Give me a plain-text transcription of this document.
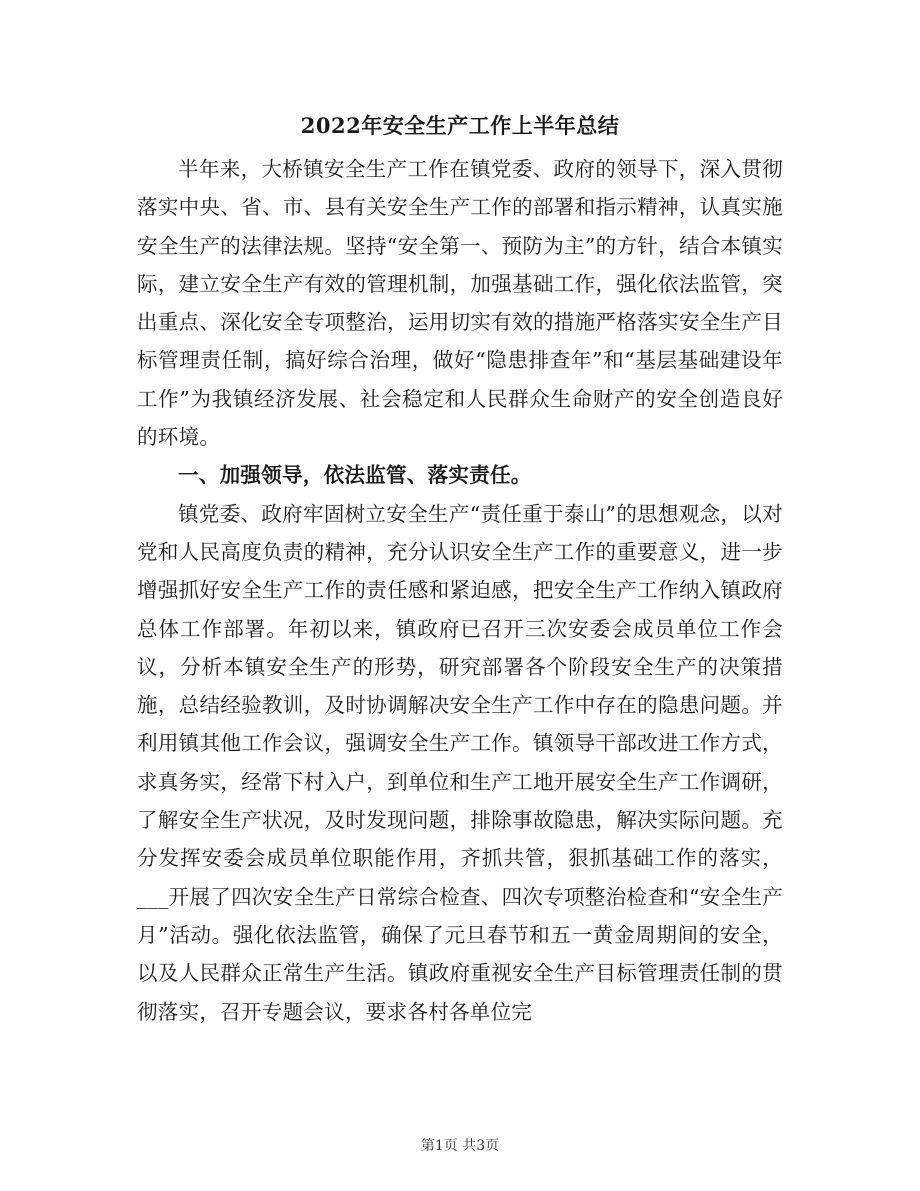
2022年安全生产工作上半年总结

半年来，大桥镇安全生产工作在镇党委、政府的领导下，深入贯彻落实中央、省、市、县有关安全生产工作的部署和指示精神，认真实施安全生产的法律法规。坚持“安全第一、预防为主”的方针，结合本镇实际，建立安全生产有效的管理机制，加强基础工作，强化依法监管，突出重点、深化安全专项整治，运用切实有效的措施严格落实安全生产目标管理责任制，搞好综合治理，做好“隐患排查年”和“基层基础建设年工作”为我镇经济发展、社会稳定和人民群众生命财产的安全创造良好的环境。

一、加强领导，依法监管、落实责任。

镇党委、政府牢固树立安全生产“责任重于泰山”的思想观念，以对党和人民高度负责的精神，充分认识安全生产工作的重要意义，进一步增强抓好安全生产工作的责任感和紧迫感，把安全生产工作纳入镇政府总体工作部署。年初以来，镇政府已召开三次安委会成员单位工作会议，分析本镇安全生产的形势，研究部署各个阶段安全生产的决策措施，总结经验教训，及时协调解决安全生产工作中存在的隐患问题。并利用镇其他工作会议，强调安全生产工作。镇领导干部改进工作方式，求真务实，经常下村入户，到单位和生产工地开展安全生产工作调研，了解安全生产状况，及时发现问题，排除事故隐患，解决实际问题。充分发挥安委会成员单位职能作用，齐抓共管，狠抓基础工作的落实，___开展了四次安全生产日常综合检查、四次专项整治检查和“安全生产月”活动。强化依法监管，确保了元旦春节和五一黄金周期间的安全，以及人民群众正常生产生活。镇政府重视安全生产目标管理责任制的贯彻落实，召开专题会议，要求各村各单位完

第1页 共3页
